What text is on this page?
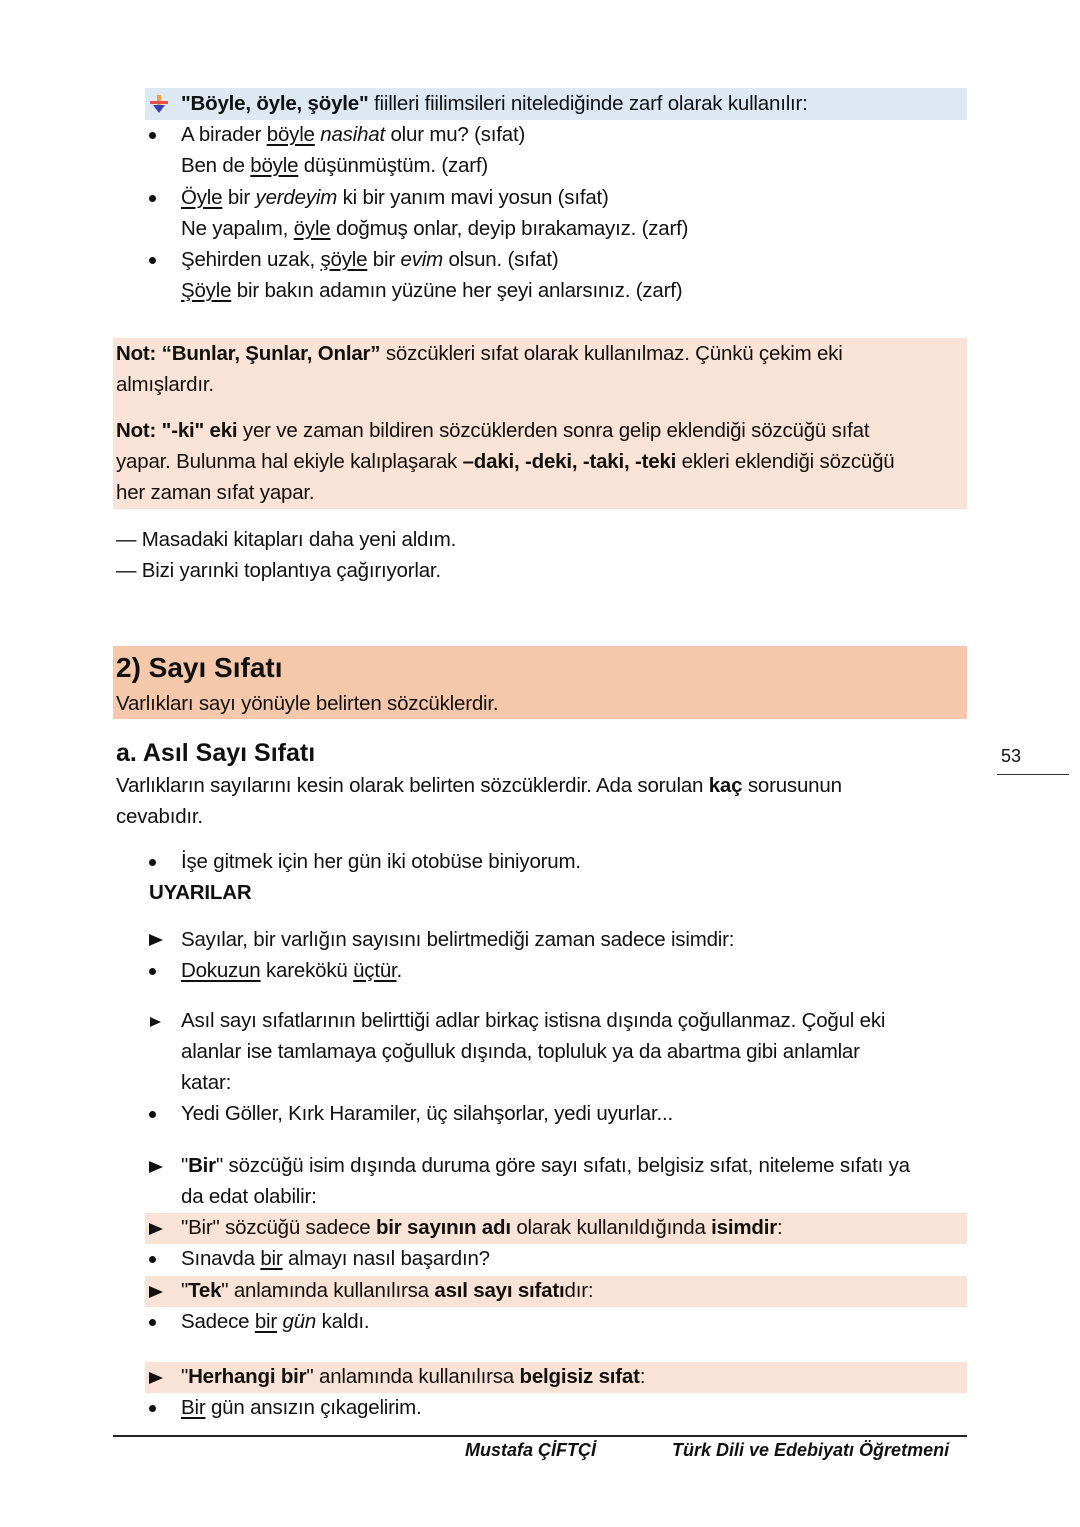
"Böyle, öyle, şöyle" fiilleri fiilimsileri nitelediğinde zarf olarak kullanılır:
A birader böyle nasihat olur mu? (sıfat)
Ben de böyle düşünmüştüm. (zarf)
Öyle bir yerdeyim ki bir yanım mavi yosun (sıfat)
Ne yapalım, öyle doğmuş onlar, deyip bırakamayız. (zarf)
Şehirden uzak, şöyle bir evim olsun. (sıfat)
Şöyle bir bakın adamın yüzüne her şeyi anlarsınız. (zarf)
Not: “Bunlar, Şunlar, Onlar” sözcükleri sıfat olarak kullanılmaz. Çünkü çekim eki
almışlardır.
Not: "-ki" eki yer ve zaman bildiren sözcüklerden sonra gelip eklendiği sözcüğü sıfat
yapar. Bulunma hal ekiyle kalıplaşarak –daki, -deki, -taki, -teki ekleri eklendiği sözcüğü
her zaman sıfat yapar.
— Masadaki kitapları daha yeni aldım.
— Bizi yarınki toplantıya çağırıyorlar.
2) Sayı Sıfatı
Varlıkları sayı yönüyle belirten sözcüklerdir.
a. Asıl Sayı Sıfatı
Varlıkların sayılarını kesin olarak belirten sözcüklerdir. Ada sorulan kaç sorusunun
cevabıdır.
İşe gitmek için her gün iki otobüse biniyorum.
UYARILAR
53
Sayılar, bir varlığın sayısını belirtmediği zaman sadece isimdir:
Dokuzun karekökü üçtür.
Asıl sayı sıfatlarının belirttiği adlar birkaç istisna dışında çoğullanmaz. Çoğul eki
alanlar ise tamlamaya çoğulluk dışında, topluluk ya da abartma gibi anlamlar
katar:
Yedi Göller, Kırk Haramiler, üç silahşorlar, yedi uyurlar...
"Bir" sözcüğü isim dışında duruma göre sayı sıfatı, belgisiz sıfat, niteleme sıfatı ya
da edat olabilir:
"Bir" sözcüğü sadece bir sayının adı olarak kullanıldığında isimdir:
Sınavda bir almayı nasıl başardın?
"Tek" anlamında kullanılırsa asıl sayı sıfatıdır:
Sadece bir gün kaldı.
"Herhangi bir" anlamında kullanılırsa belgisiz sıfat:
Bir gün ansızın çıkagelirim.
Mustafa ÇİFTÇİ	Türk Dili ve Edebiyatı Öğretmeni
